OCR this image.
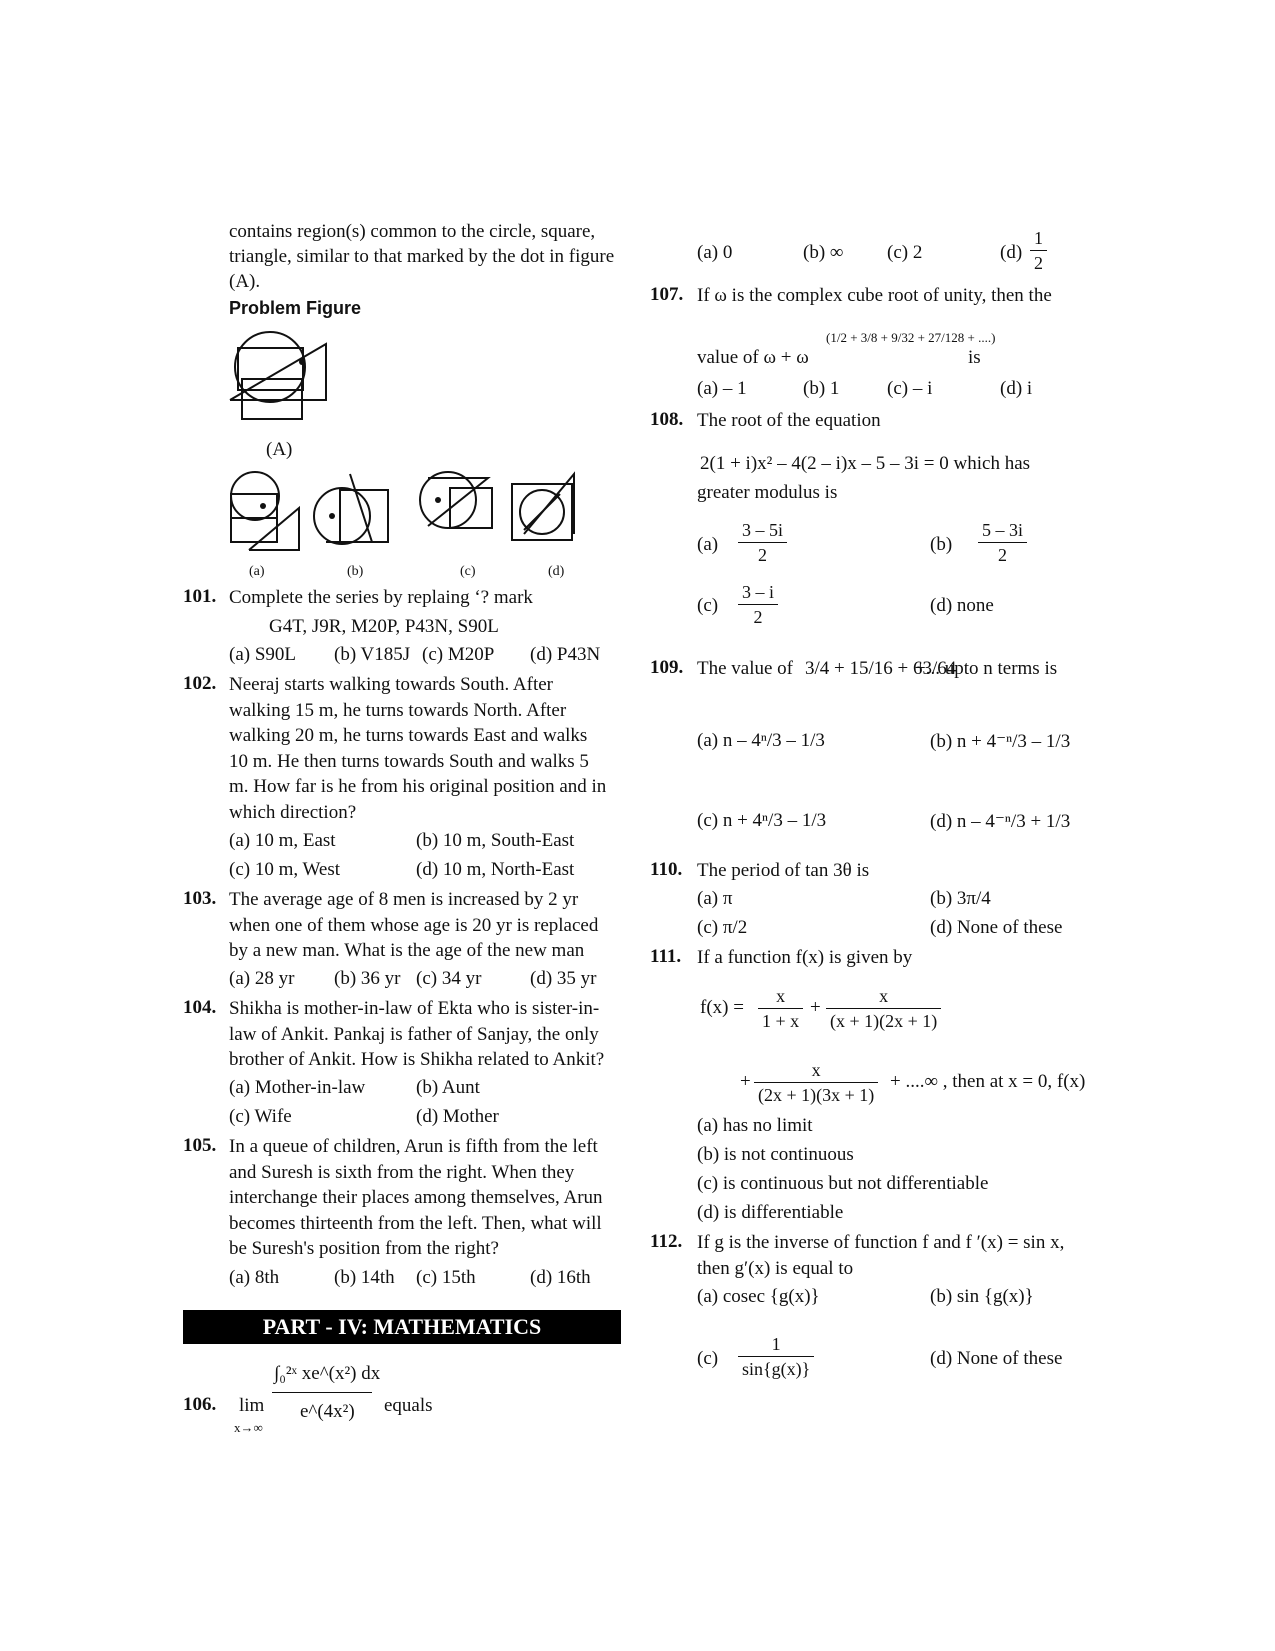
contains region(s) common to the circle, square,
triangle, similar to that marked by the dot in figure
(A).
Problem Figure
(A)
(a)	(b)	(c)	(d)
101. Complete the series by replaing ‘? mark
G4T, J9R, M20P, P43N, S90L
(a) S90L (b) V185J (c) M20P (d) P43N
102. Neeraj starts walking towards South. After
walking 15 m, he turns towards North. After
walking 20 m, he turns towards East and walks
10 m. He then turns towards South and walks 5
m. How far is he from his original position and in
which direction?
(a) 10 m, East	(b) 10 m, South-East
(c) 10 m, West	(d) 10 m, North-East
103. The average age of 8 men is increased by 2 yr
when one of them whose age is 20 yr is replaced
by a new man. What is the age of the new man
(a) 28 yr (b) 36 yr (c) 34 yr	(d) 35 yr
104. Shikha is mother-in-law of Ekta who is sister-in-
law of Ankit. Pankaj is father of Sanjay, the only
brother of Ankit. How is Shikha related to Ankit?
(a) Mother-in-law	(b) Aunt
(c) Wife	(d) Mother
105. In a queue of children, Arun is fifth from the left
and Suresh is sixth from the right. When they
interchange their places among themselves, Arun
becomes thirteenth from the left. Then, what will
be Suresh's position from the right?
(a) 8th	(b) 14th (c) 15th	(d) 16th
PART - IV: MATHEMATICS
106. lim
x→∞
∫₀²ˣ xe^(x²) dx
e^(4x²) equals
(a) 0	(b) ∞ (c) 2	$(d) \frac{1}{2}$
107. If ω is the complex cube root of unity, then the
value of ω + ω
(1/2 + 3/8 + 9/32 + 27/128 + ....)
is
(a) – 1	(b) 1	(c) – i	(d) i
108. The root of the equation
2(1 + i)x² – 4(2 – i)x – 5 – 3i = 0 which has
greater modulus is
$(a) \frac{3 - 5i}{2}$	$(b) \frac{5 - 3i}{2}$
$(c) \frac{3 - i}{2}$	(d) none
109. The value of 3/4 + 15/16 + 63/64
+... upto n terms is
(a) n – 4ⁿ/3 – 1/3	(b) n + 4⁻ⁿ/3 – 1/3
(c) n + 4ⁿ/3 – 1/3	(d) n – 4⁻ⁿ/3 + 1/3
110. The period of tan 3θ is
(a) π	(b) 3π/4
(c) π/2	(d) None of these
111. If a function f(x) is given by
$f(x) = \frac{x}{1 + x} + \frac{x}{(x + 1)(2x + 1)}$
+ $\frac{x}{(2x + 1)(3x + 1)}$ + ....∞ , then at x = 0, f(x)
(a) has no limit
(b) is not continuous
(c) is continuous but not differentiable
(d) is differentiable
112. If g is the inverse of function f and f ′(x) = sin x,
then g′(x) is equal to
(a) cosec {g(x)}	(b) sin {g(x)}
$(c) \frac{1}{\sin\{g(x)\}}$	(d) None of these
